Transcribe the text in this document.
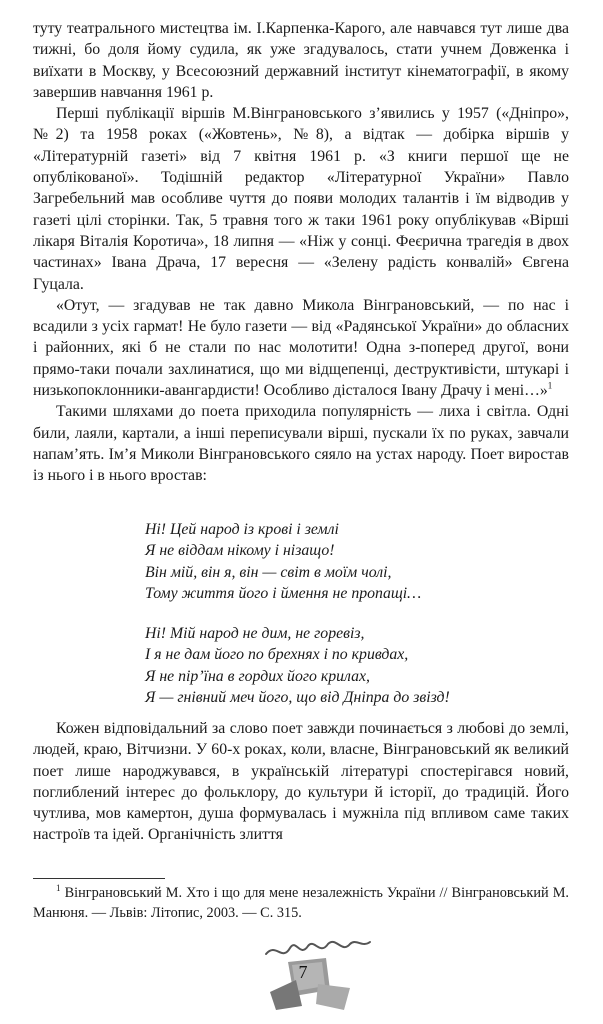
туту театрального мистецтва ім. І.Карпенка-Карого, але навчався тут лише два тижні, бо доля йому судила, як уже згадувалось, стати учнем Довженка і виїхати в Москву, у Всесоюзний державний інститут кінематографії, в якому завершив навчання 1961 р.

Перші публікації віршів М.Вінграновського з’явились у 1957 («Дніпро», №2) та 1958 роках («Жовтень», №8), а відтак — добірка віршів у «Літературній газеті» від 7 квітня 1961 р. «З книги першої ще не опублікованої». Тодішній редактор «Літературної України» Павло Загребельний мав особливе чуття до появи молодих талантів і їм відводив у газеті цілі сторінки. Так, 5 травня того ж таки 1961 року опублікував «Вірші лікаря Віталія Коротича», 18 липня — «Ніж у сонці. Феєрична трагедія в двох частинах» Івана Драча, 17 вересня — «Зелену радість конвалій» Євгена Гуцала.

«Отут, — згадував не так давно Микола Вінграновський, — по нас і всадили з усіх гармат! Не було газети — від «Радянської України» до обласних і районних, які б не стали по нас молотити! Одна з-поперед другої, вони прямо-таки почали захлинатися, що ми відщепенці, деструктивісти, штукарі і низькопоклонники-авангардисти! Особливо дісталося Івану Драчу і мені…»$^1$

Такими шляхами до поета приходила популярність — лиха і світла. Одні били, лаяли, картали, а інші переписували вірші, пускали їх по руках, завчали напам’ять. Ім’я Миколи Вінграновського сяяло на устах народу. Поет виростав із нього і в нього вростав:

Ні! Цей народ із крові і землі
Я не віддам нікому і нізащо!
Він мій, він я, він — світ в моїм чолі,
Тому життя його і ймення не пропащі…
Ні! Мій народ не дим, не горевіз,
І я не дам його по брехнях і по кривдах,
Я не пір’їна в гордих його крилах,
Я — гнівний меч його, що від Дніпра до звізд!

Кожен відповідальний за слово поет завжди починається з любові до землі, людей, краю, Вітчизни. У 60-х роках, коли, власне, Вінграновський як великий поет лише народжувався, в українській літературі спостерігався новий, поглиблений інтерес до фольклору, до культури й історії, до традицій. Його чутлива, мов камертон, душа формувалась і мужніла під впливом саме таких настроїв та ідей. Органічність злиття

$^1$ Вінграновський М. Хто і що для мене незалежність України // Вінграновський М. Манюня. — Львів: Літопис, 2003. — С. 315.

7
